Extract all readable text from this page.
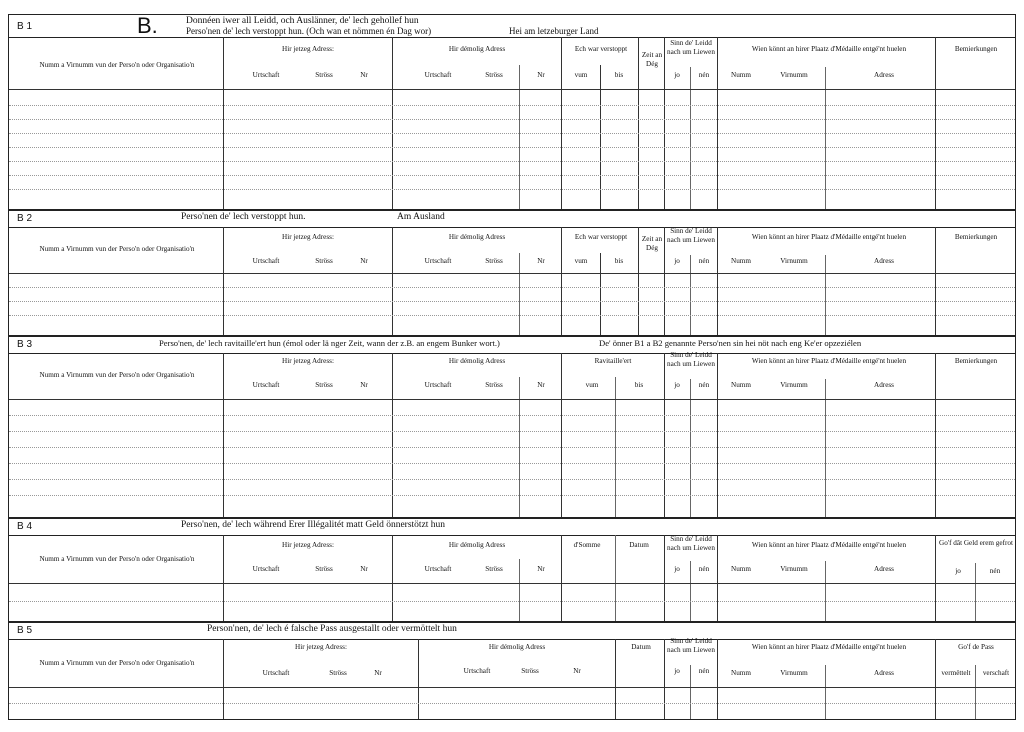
B 1	B.	Donnéen iwer all Leidd, och Auslänner, de' lech gehollef hun
Perso'nen de' lech verstoppt hun. (Och wan et nömmen én Dag wor)	Hei am letzeburger Land
Numm a Virnumm vun der Perso'n oder Organisatio'n
Hir jetzeg Adress:	Hir démolig Adress
Urtschaft	Ströss	Nr	Urtschaft	Ströss	Nr
Ech war verstoppt
vum	bis
Zeit an Dég
Sinn de' Leidd nach um Liewen
jo	nén
Wien könnt an hirer Plaatz d'Médaille entgé'nt huelen
Numm	Virnumm	Adress
Bemierkungen
B 2	Perso'nen de' lech verstoppt hun.	Am Ausland
Numm a Virnumm vun der Perso'n oder Organisatio'n
Hir jetzeg Adress:	Hir démolig Adress
Urtschaft	Ströss	Nr	Urtschaft	Ströss	Nr
Ech war verstoppt
vum	bis
Zeit an Dég
Sinn de' Leidd nach um Liewen
jo	nén
Wien könnt an hirer Plaatz d'Médaille entgé'nt huelen
Numm	Virnumm	Adress
Bemierkungen
B 3	Perso'nen, de' lech ravitaille'ert hun (émol oder lä nger Zeit, wann der z.B. an engem Bunker wort.)	De' önner B1 a B2 genannte Perso'nen sin hei nöt nach eng Ke'er opzeziélen
Numm a Virnumm vun der Perso'n oder Organisatio'n
Hir jetzeg Adress:	Hir démolig Adress
Urtschaft	Ströss	Nr	Urtschaft	Ströss	Nr
Ravitaille'ert
vum	bis
Sinn de' Leidd nach um Liewen
jo	nén
Wien könnt an hirer Plaatz d'Médaille entgé'nt huelen
Numm	Virnumm	Adress
Bemierkungen
B 4	Perso'nen, de' lech während Erer Illégalitét matt Geld önnerstötzt hun
Numm a Virnumm vun der Perso'n oder Organisatio'n
Hir jetzeg Adress:	Hir démolig Adress
Urtschaft	Ströss	Nr	Urtschaft	Ströss	Nr
d'Somme	Datum
Sinn de' Leidd nach um Liewen
jo	nén
Wien könnt an hirer Plaatz d'Médaille entgé'nt huelen
Numm	Virnumm	Adress
Go'f dât Geld erem gefrot
jo	nén
B 5	Person'nen, de' lech é falsche Pass ausgestallt oder vermöttelt hun
Numm a Virnumm vun der Perso'n oder Organisatio'n
Hir jetzeg Adress:	Hir démolig Adress
Urtschaft	Ströss	Nr	Urtschaft	Ströss	Nr
Datum
Sinn de' Leidd nach um Liewen
jo	nén
Wien könnt an hirer Plaatz d'Médaille entgé'nt huelen
Numm	Virnumm	Adress
Go'f de Pass
vermëttelt	verschaft
